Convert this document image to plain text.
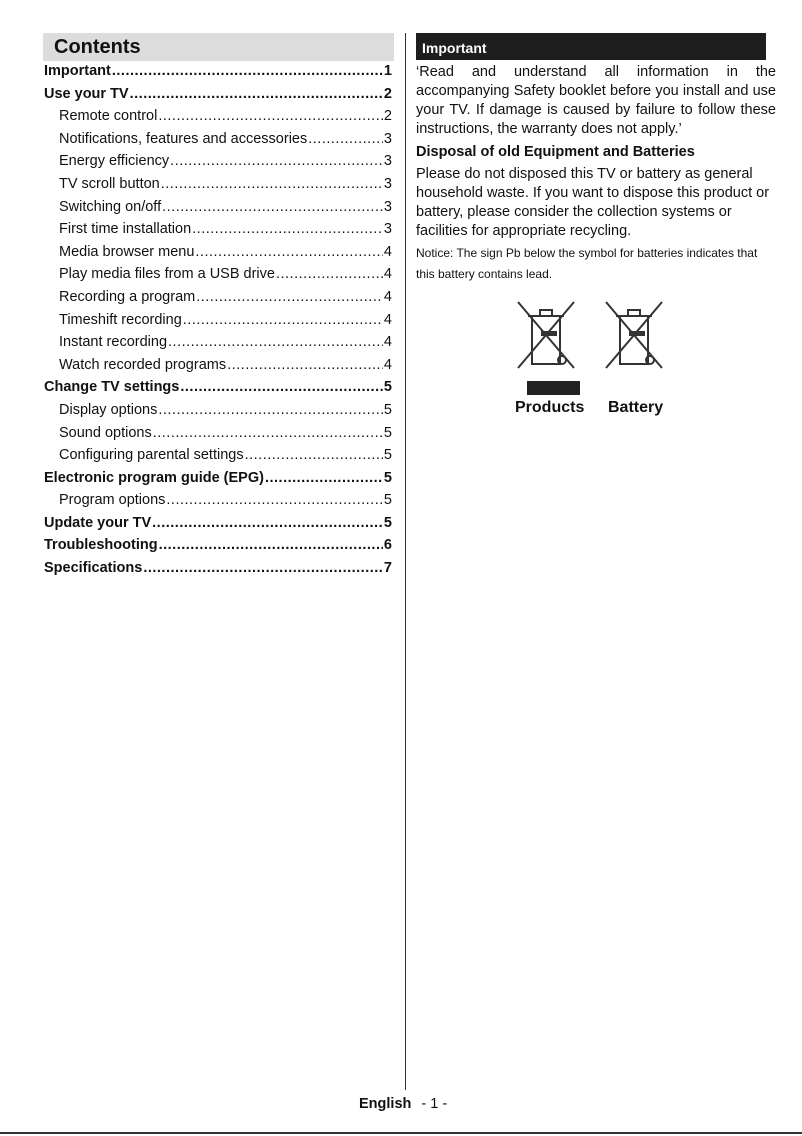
Contents
Important .....	1
Use your TV .....	2
Remote control .....	2
Notifications, features and accessories .....	3
Energy efficiency .....	3
TV scroll button .....	3
Switching on/off .....	3
First time installation .....	3
Media browser menu .....	4
Play media files from a USB drive .....	4
Recording a program .....	4
Timeshift recording .....	4
Instant recording .....	4
Watch recorded programs .....	4
Change TV settings .....	5
Display options .....	5
Sound options .....	5
Configuring parental settings .....	5
Electronic program guide (EPG) .....	5
Program options .....	5
Update your TV .....	5
Troubleshooting .....	6
Specifications .....	7
Important
‘Read and understand all information in the accompanying Safety booklet before you install and use your TV. If damage is caused by failure to follow these instructions, the warranty does not apply.’
Disposal of old Equipment and Batteries
Please do not disposed this TV or battery as general household waste. If you want to dispose this product or battery, please consider the collection systems or facilities for appropriate recycling.
Notice: The sign Pb below the symbol for batteries indicates that this battery contains lead.
Products Battery
English - 1 -
